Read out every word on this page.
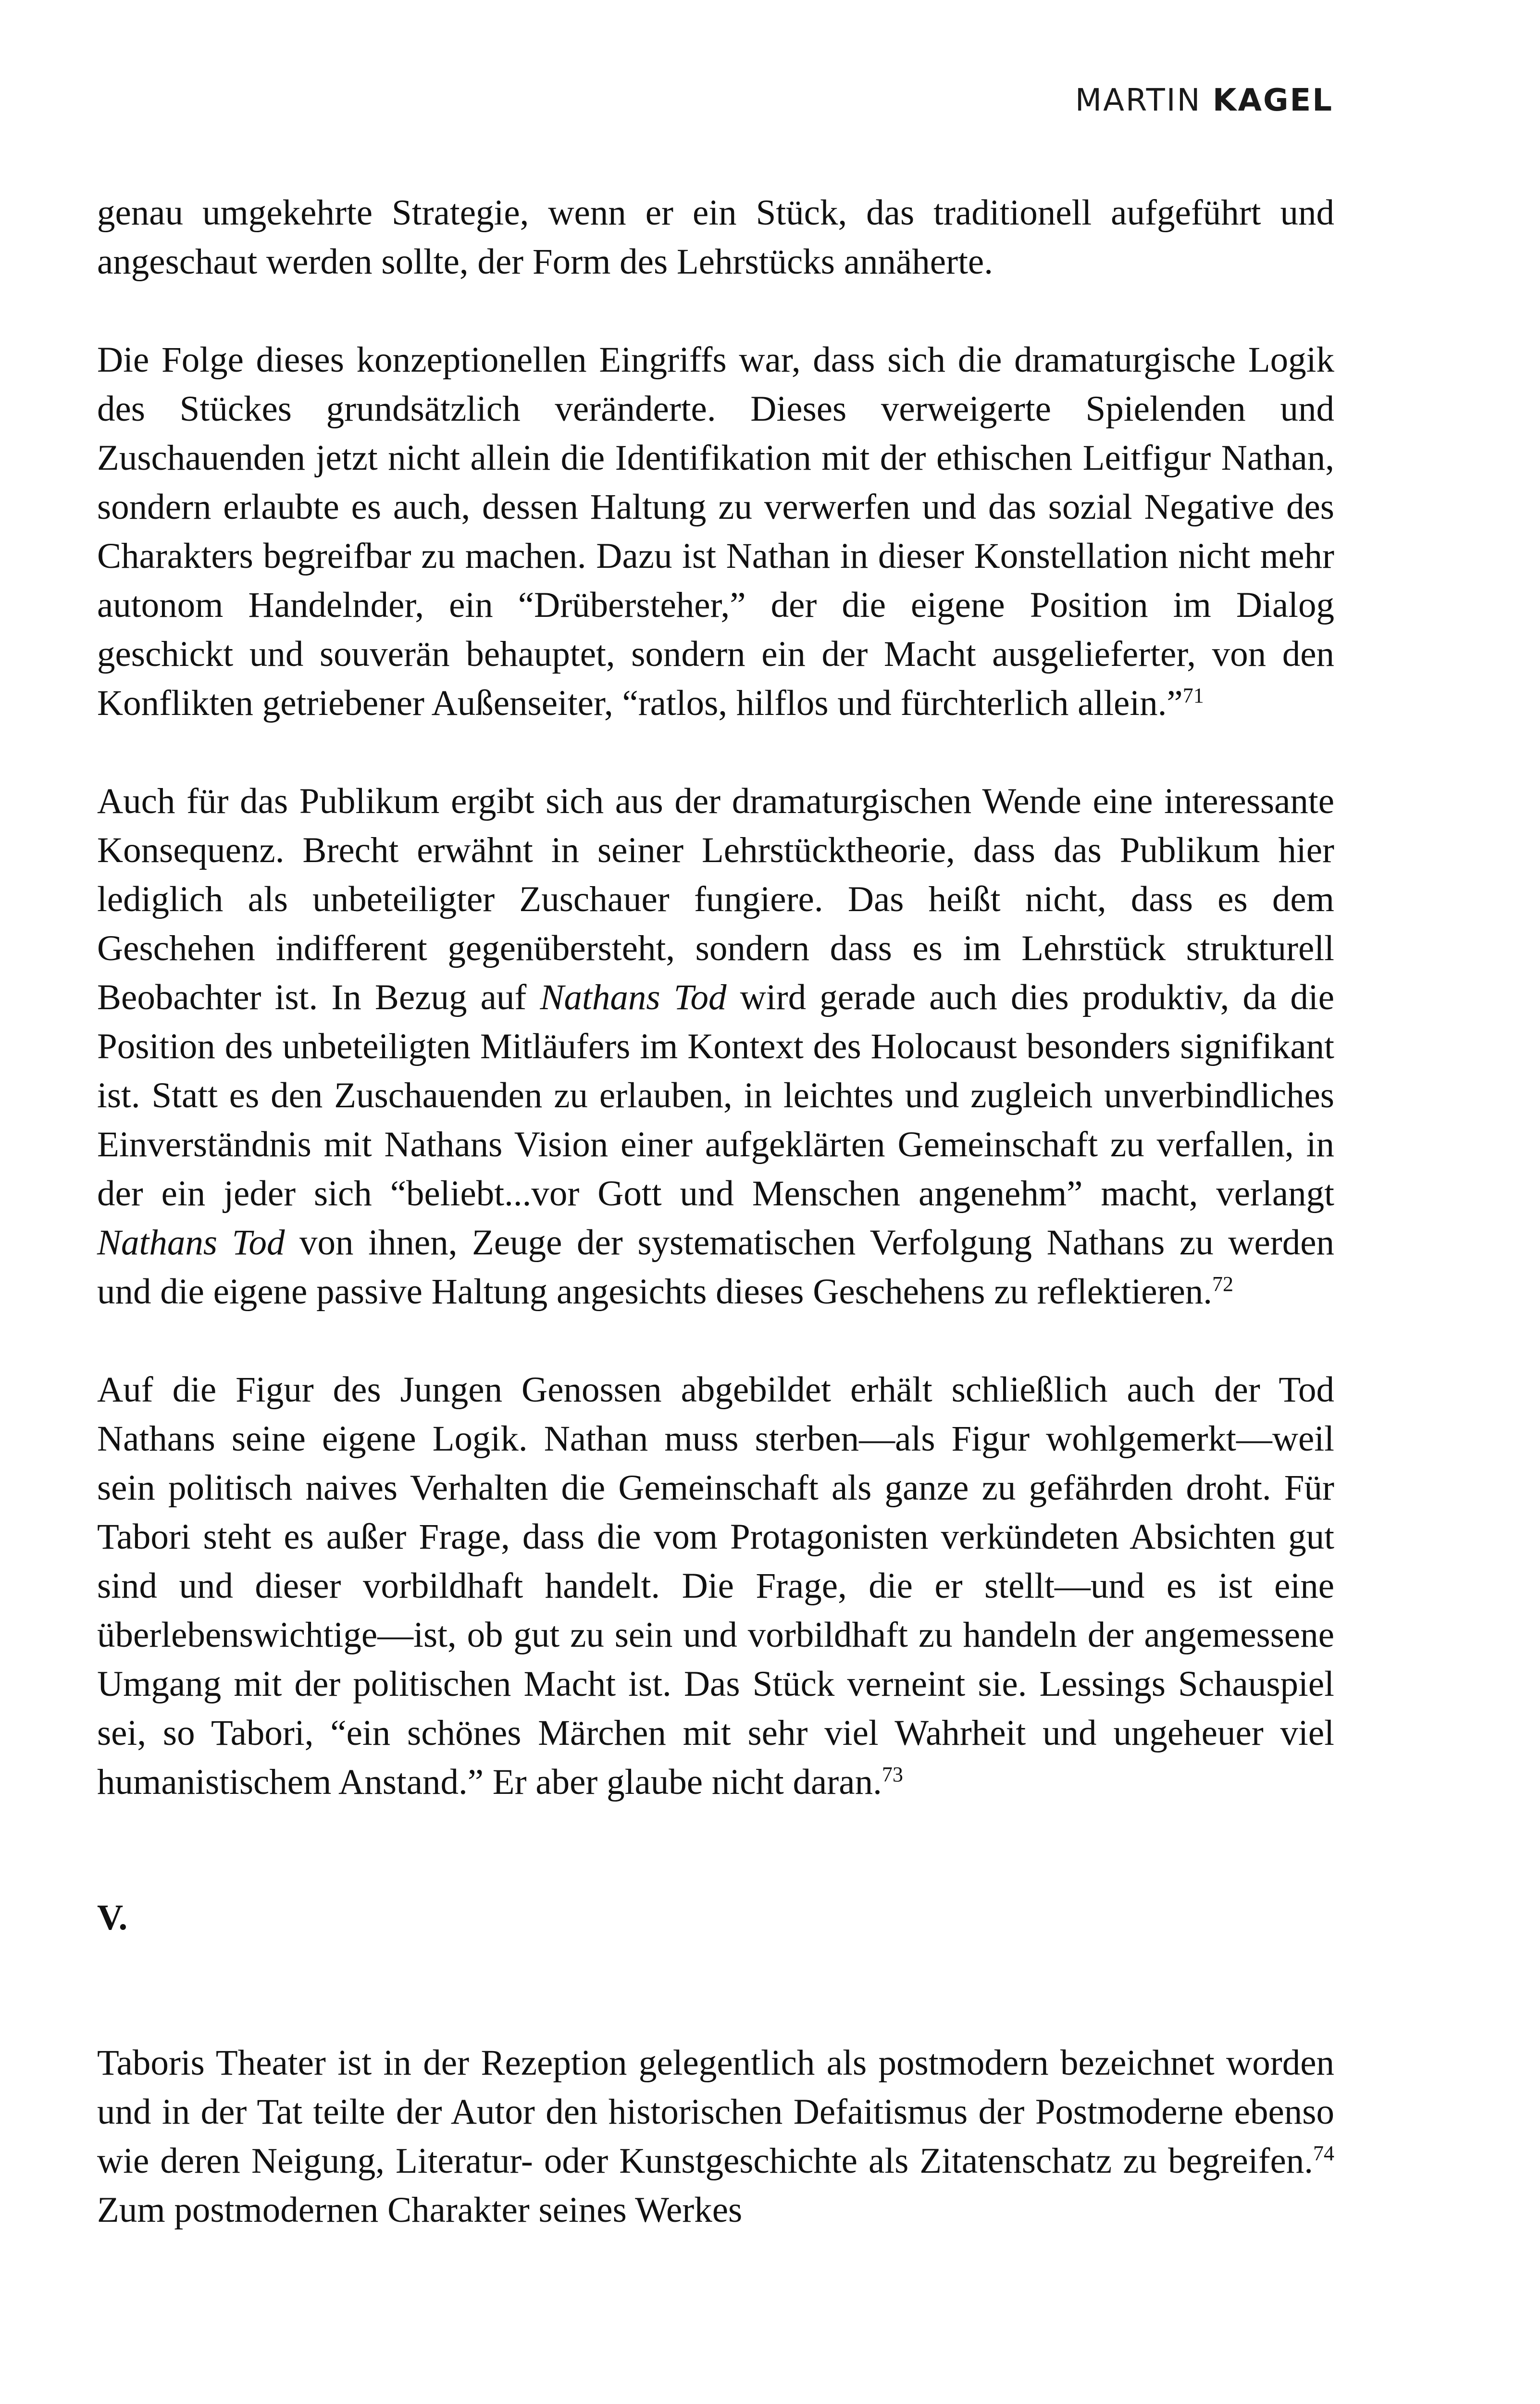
MARTIN KAGEL

genau umgekehrte Strategie, wenn er ein Stück, das traditionell aufgeführt und angeschaut werden sollte, der Form des Lehrstücks annäherte.

Die Folge dieses konzeptionellen Eingriffs war, dass sich die dramaturgische Logik des Stückes grundsätzlich veränderte. Dieses verweigerte Spielenden und Zuschauenden jetzt nicht allein die Identifikation mit der ethischen Leitfigur Nathan, sondern erlaubte es auch, dessen Haltung zu verwerfen und das sozial Negative des Charakters begreifbar zu machen. Dazu ist Nathan in dieser Konstellation nicht mehr autonom Handelnder, ein “Drübersteher,” der die eigene Position im Dialog geschickt und souverän behauptet, sondern ein der Macht ausgelieferter, von den Konflikten getriebener Außenseiter, “ratlos, hilflos und fürchterlich allein.”$^{71}$

Auch für das Publikum ergibt sich aus der dramaturgischen Wende eine interessante Konsequenz. Brecht erwähnt in seiner Lehrstücktheorie, dass das Publikum hier lediglich als unbeteiligter Zuschauer fungiere. Das heißt nicht, dass es dem Geschehen indifferent gegenübersteht, sondern dass es im Lehrstück strukturell Beobachter ist. In Bezug auf Nathans Tod wird gerade auch dies produktiv, da die Position des unbeteiligten Mitläufers im Kontext des Holocaust besonders signifikant ist. Statt es den Zuschauenden zu erlauben, in leichtes und zugleich unverbindliches Einverständnis mit Nathans Vision einer aufgeklärten Gemeinschaft zu verfallen, in der ein jeder sich “beliebt...vor Gott und Menschen angenehm” macht, verlangt Nathans Tod von ihnen, Zeuge der systematischen Verfolgung Nathans zu werden und die eigene passive Haltung angesichts dieses Geschehens zu reflektieren.$^{72}$

Auf die Figur des Jungen Genossen abgebildet erhält schließlich auch der Tod Nathans seine eigene Logik. Nathan muss sterben—als Figur wohlgemerkt—weil sein politisch naives Verhalten die Gemeinschaft als ganze zu gefährden droht. Für Tabori steht es außer Frage, dass die vom Protagonisten verkündeten Absichten gut sind und dieser vorbildhaft handelt. Die Frage, die er stellt—und es ist eine überlebenswichtige—ist, ob gut zu sein und vorbildhaft zu handeln der angemessene Umgang mit der politischen Macht ist. Das Stück verneint sie. Lessings Schauspiel sei, so Tabori, “ein schönes Märchen mit sehr viel Wahrheit und ungeheuer viel humanistischem Anstand.” Er aber glaube nicht daran.$^{73}$

V.

Taboris Theater ist in der Rezeption gelegentlich als postmodern bezeichnet worden und in der Tat teilte der Autor den historischen Defaitismus der Postmoderne ebenso wie deren Neigung, Literatur- oder Kunstgeschichte als Zitatenschatz zu begreifen.$^{74}$ Zum postmodernen Charakter seines Werkes
